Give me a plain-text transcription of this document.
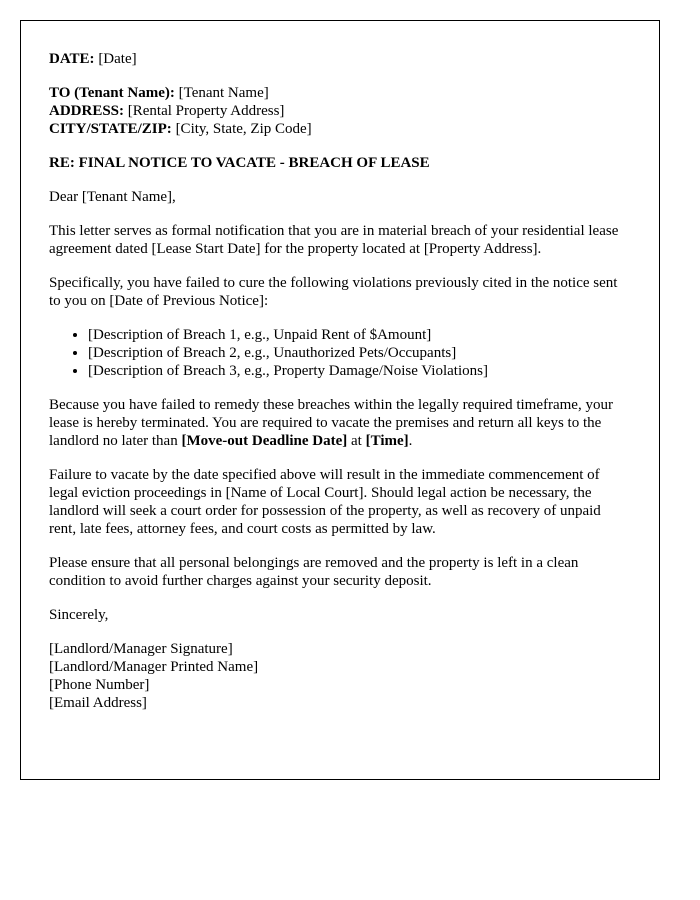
DATE: [Date]

TO (Tenant Name): [Tenant Name]

ADDRESS: [Rental Property Address]

CITY/STATE/ZIP: [City, State, Zip Code]

RE: FINAL NOTICE TO VACATE - BREACH OF LEASE

Dear [Tenant Name],

This letter serves as formal notification that you are in material breach of your residential lease agreement dated [Lease Start Date] for the property located at [Property Address].

Specifically, you have failed to cure the following violations previously cited in the notice sent to you on [Date of Previous Notice]:

• [Description of Breach 1, e.g., Unpaid Rent of $Amount]
• [Description of Breach 2, e.g., Unauthorized Pets/Occupants]
• [Description of Breach 3, e.g., Property Damage/Noise Violations]

Because you have failed to remedy these breaches within the legally required timeframe, your lease is hereby terminated. You are required to vacate the premises and return all keys to the landlord no later than [Move-out Deadline Date] at [Time].

Failure to vacate by the date specified above will result in the immediate commencement of legal eviction proceedings in [Name of Local Court]. Should legal action be necessary, the landlord will seek a court order for possession of the property, as well as recovery of unpaid rent, late fees, attorney fees, and court costs as permitted by law.

Please ensure that all personal belongings are removed and the property is left in a clean condition to avoid further charges against your security deposit.

Sincerely,

[Landlord/Manager Signature]

[Landlord/Manager Printed Name]

[Phone Number]

[Email Address]
